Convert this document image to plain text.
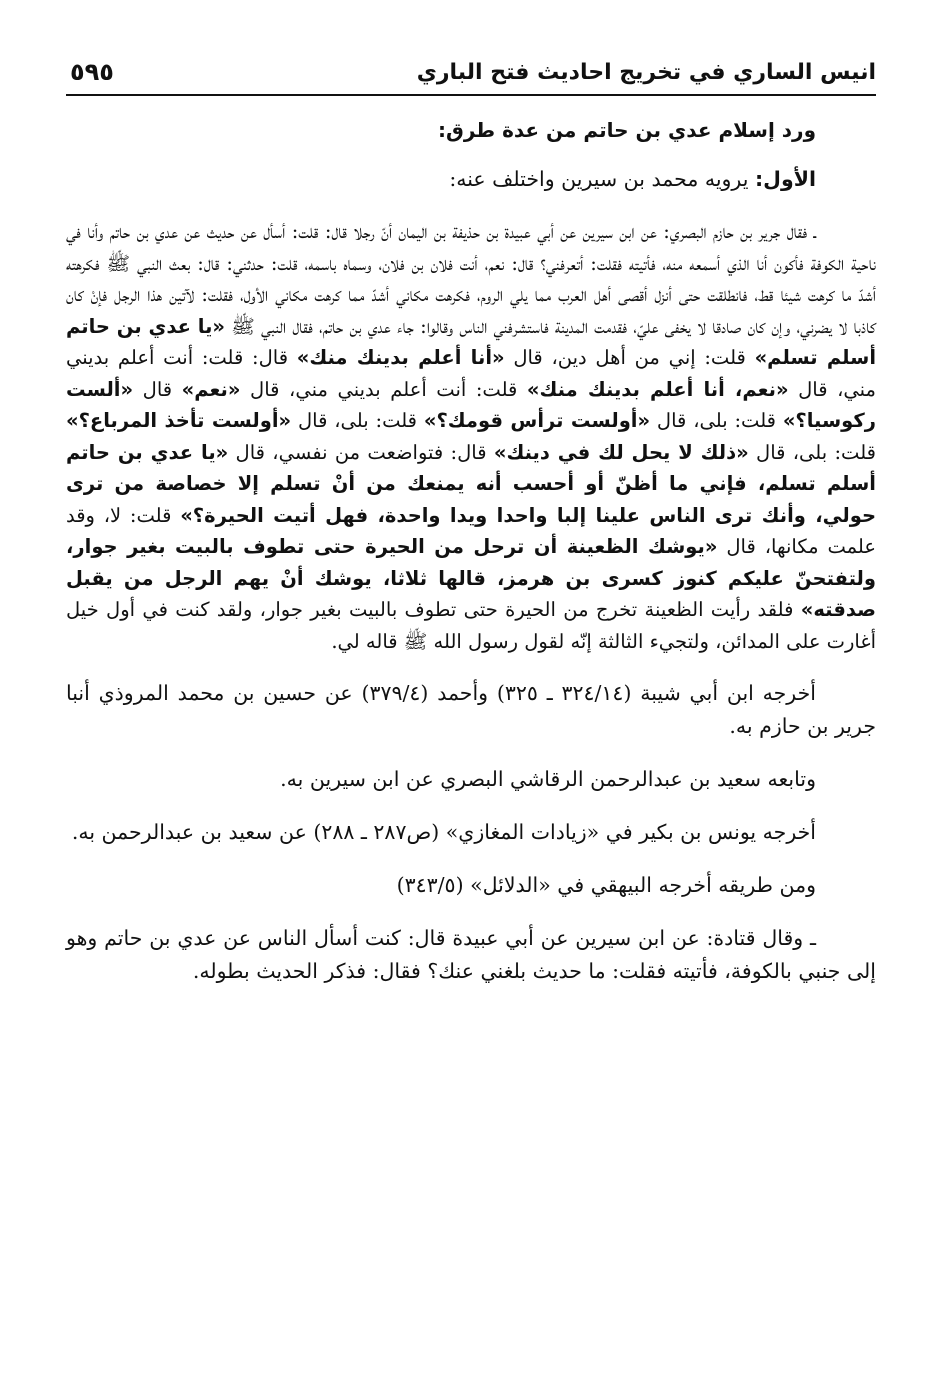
انيس الساري في تخريج احاديث فتح الباري
٥٩٥

ورد إسلام عدي بن حاتم من عدة طرق:

الأول: يرويه محمد بن سيرين واختلف عنه:

ـ فقال جرير بن حازم البصري: عن ابن سيرين عن أبي عبيدة بن حذيفة بن اليمان أنّ رجلا قال: قلت: أسأل عن حديث عن عدي بن حاتم وأنا في ناحية الكوفة فأكون أنا الذي أسمعه منه، فأتيته فقلت: أتعرفني؟ قال: نعم، أنت فلان بن فلان، وسماه باسمه، قلت: حدثني: قال: بعث النبي ﷺ فكرهته أشدّ ما كرهت شيئا قط، فانطلقت حتى أنزل أقصى أهل العرب مما يلي الروم، فكرهت مكاني أشدّ مما كرهت مكاني الأول، فقلت: لآتين هذا الرجل فإنْ كان كاذبا لا يضرني، وإن كان صادقا لا يخفى عليّ، فقدمت المدينة فاستشرفني الناس وقالوا: جاء عدي بن حاتم، فقال النبي ﷺ «يا عدي بن حاتم أسلم تسلم» قلت: إني من أهل دين، قال «أنا أعلم بدينك منك» قال: قلت: أنت أعلم بديني مني، قال «نعم، أنا أعلم بدينك منك» قلت: أنت أعلم بديني مني، قال «نعم» قال «ألست ركوسيا؟» قلت: بلى، قال «أولست ترأس قومك؟» قلت: بلى، قال «أولست تأخذ المرباع؟» قلت: بلى، قال «ذلك لا يحل لك في دينك» قال: فتواضعت من نفسي، قال «يا عدي بن حاتم أسلم تسلم، فإني ما أظنّ أو أحسب أنه يمنعك من أنْ تسلم إلا خصاصة من ترى حولي، وأنك ترى الناس علينا إلبا واحدا ويدا واحدة، فهل أتيت الحيرة؟» قلت: لا، وقد علمت مكانها، قال «يوشك الظعينة أن ترحل من الحيرة حتى تطوف بالبيت بغير جوار، ولتفتحنّ عليكم كنوز كسرى بن هرمز، قالها ثلاثا، يوشك أنْ يهم الرجل من يقبل صدقته» فلقد رأيت الظعينة تخرج من الحيرة حتى تطوف بالبيت بغير جوار، ولقد كنت في أول خيل أغارت على المدائن، ولتجيء الثالثة إنّه لقول رسول الله ﷺ قاله لي.

أخرجه ابن أبي شيبة (٣٢٤/١٤ ـ ٣٢٥) وأحمد (٣٧٩/٤) عن حسين بن محمد المروذي أنبا جرير بن حازم به.

وتابعه سعيد بن عبدالرحمن الرقاشي البصري عن ابن سيرين به.

أخرجه يونس بن بكير في «زيادات المغازي» (ص٢٨٧ ـ ٢٨٨) عن سعيد بن عبدالرحمن به.

ومن طريقه أخرجه البيهقي في «الدلائل» (٣٤٣/٥)

ـ وقال قتادة: عن ابن سيرين عن أبي عبيدة قال: كنت أسأل الناس عن عدي بن حاتم وهو إلى جنبي بالكوفة، فأتيته فقلت: ما حديث بلغني عنك؟ فقال: فذكر الحديث بطوله.
